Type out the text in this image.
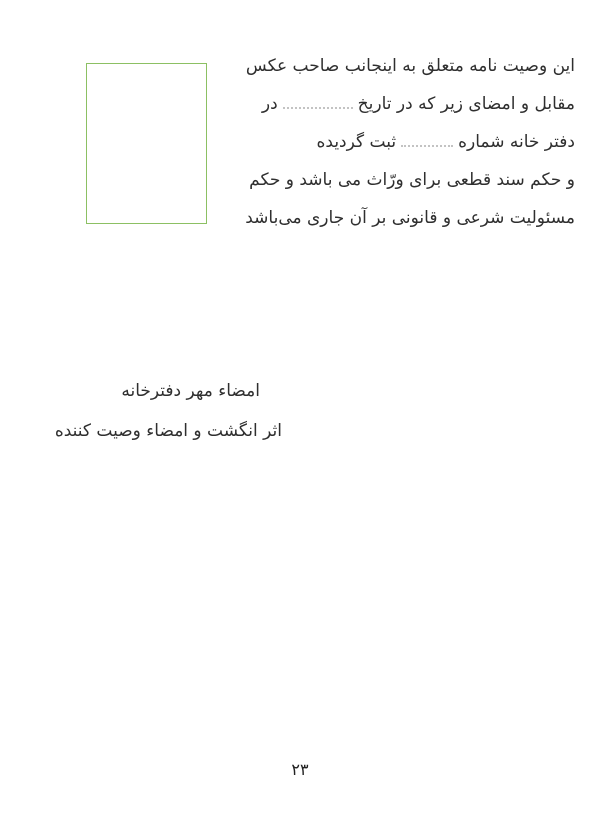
این وصیت نامه متعلق به اینجانب صاحب عکس
مقابل و امضای زیر که در تاریخدر
دفتر خانه شمارهثبت گردیده
و حکم سند قطعی برای ورّاث می باشد و حکم
مسئولیت شرعی و قانونی بر آن جاری می‌باشد
امضاء مهر دفترخانه
اثر انگشت و امضاء وصیت کننده
۲۳
